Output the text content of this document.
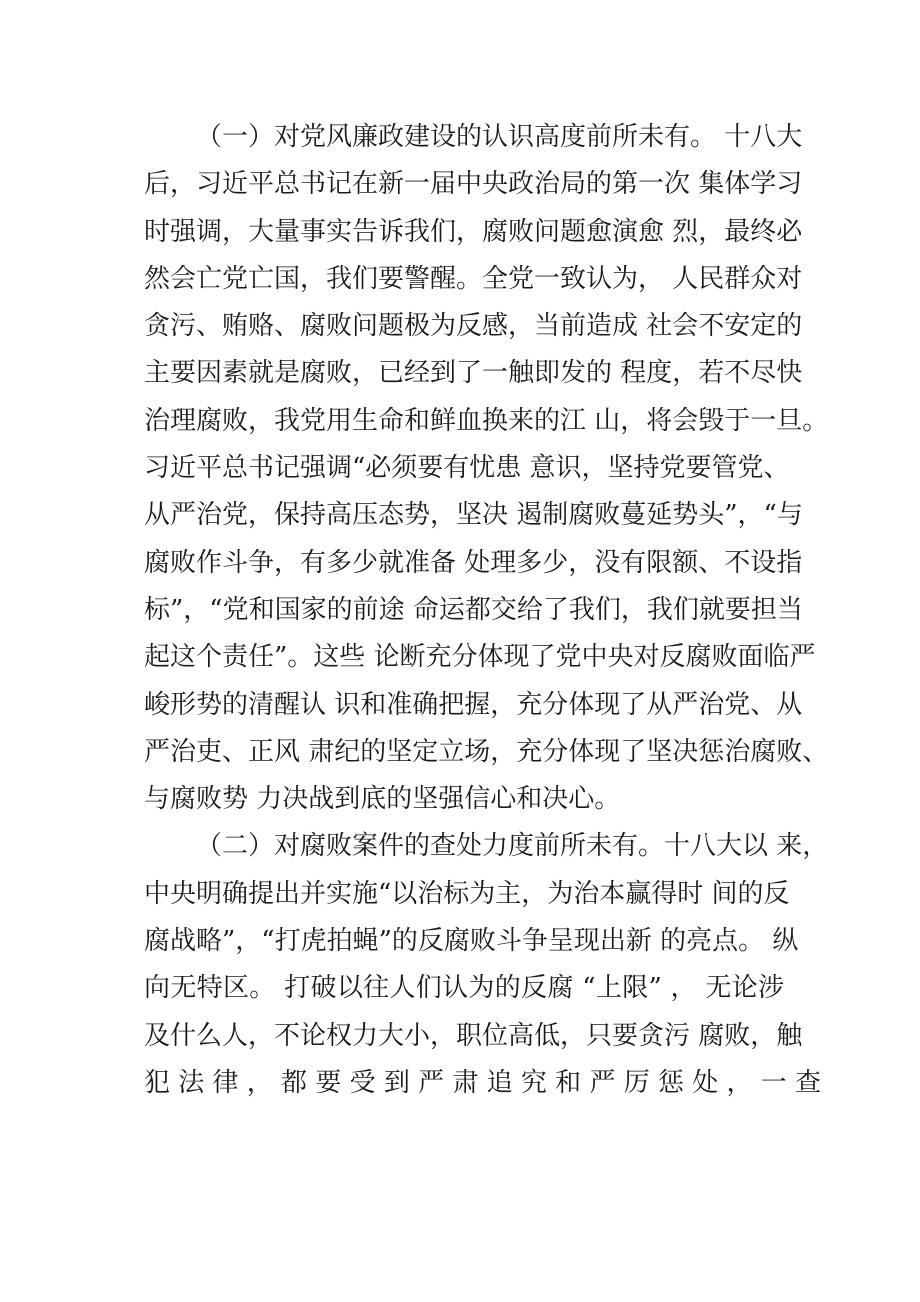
（一）对党风廉政建设的认识高度前所未有。 十八大
后，习近平总书记在新一届中央政治局的第一次 集体学习
时强调，大量事实告诉我们，腐败问题愈演愈 烈，最终必
然会亡党亡国，我们要警醒。全党一致认为， 人民群众对
贪污、贿赂、腐败问题极为反感，当前造成 社会不安定的
主要因素就是腐败，已经到了一触即发的 程度，若不尽快
治理腐败，我党用生命和鲜血换来的江 山，将会毁于一旦。
习近平总书记强调“必须要有忧患 意识，坚持党要管党、
从严治党，保持高压态势，坚决 遏制腐败蔓延势头”，“与
腐败作斗争，有多少就准备 处理多少，没有限额、不设指
标”，“党和国家的前途 命运都交给了我们，我们就要担当
起这个责任”。这些 论断充分体现了党中央对反腐败面临严
峻形势的清醒认 识和准确把握，充分体现了从严治党、从
严治吏、正风 肃纪的坚定立场，充分体现了坚决惩治腐败、
与腐败势 力决战到底的坚强信心和决心。
（二）对腐败案件的查处力度前所未有。十八大以 来，
中央明确提出并实施“以治标为主，为治本赢得时 间的反
腐战略”，“打虎拍蝇”的反腐败斗争呈现出新 的亮点。 纵
向无特区。 打破以往人们认为的反腐 “上限” ， 无论涉
及什么人，不论权力大小，职位高低，只要贪污 腐败，触
犯 法 律 ， 都 要 受 到 严 肃 追 究 和 严 厉 惩 处 ， 一 查
